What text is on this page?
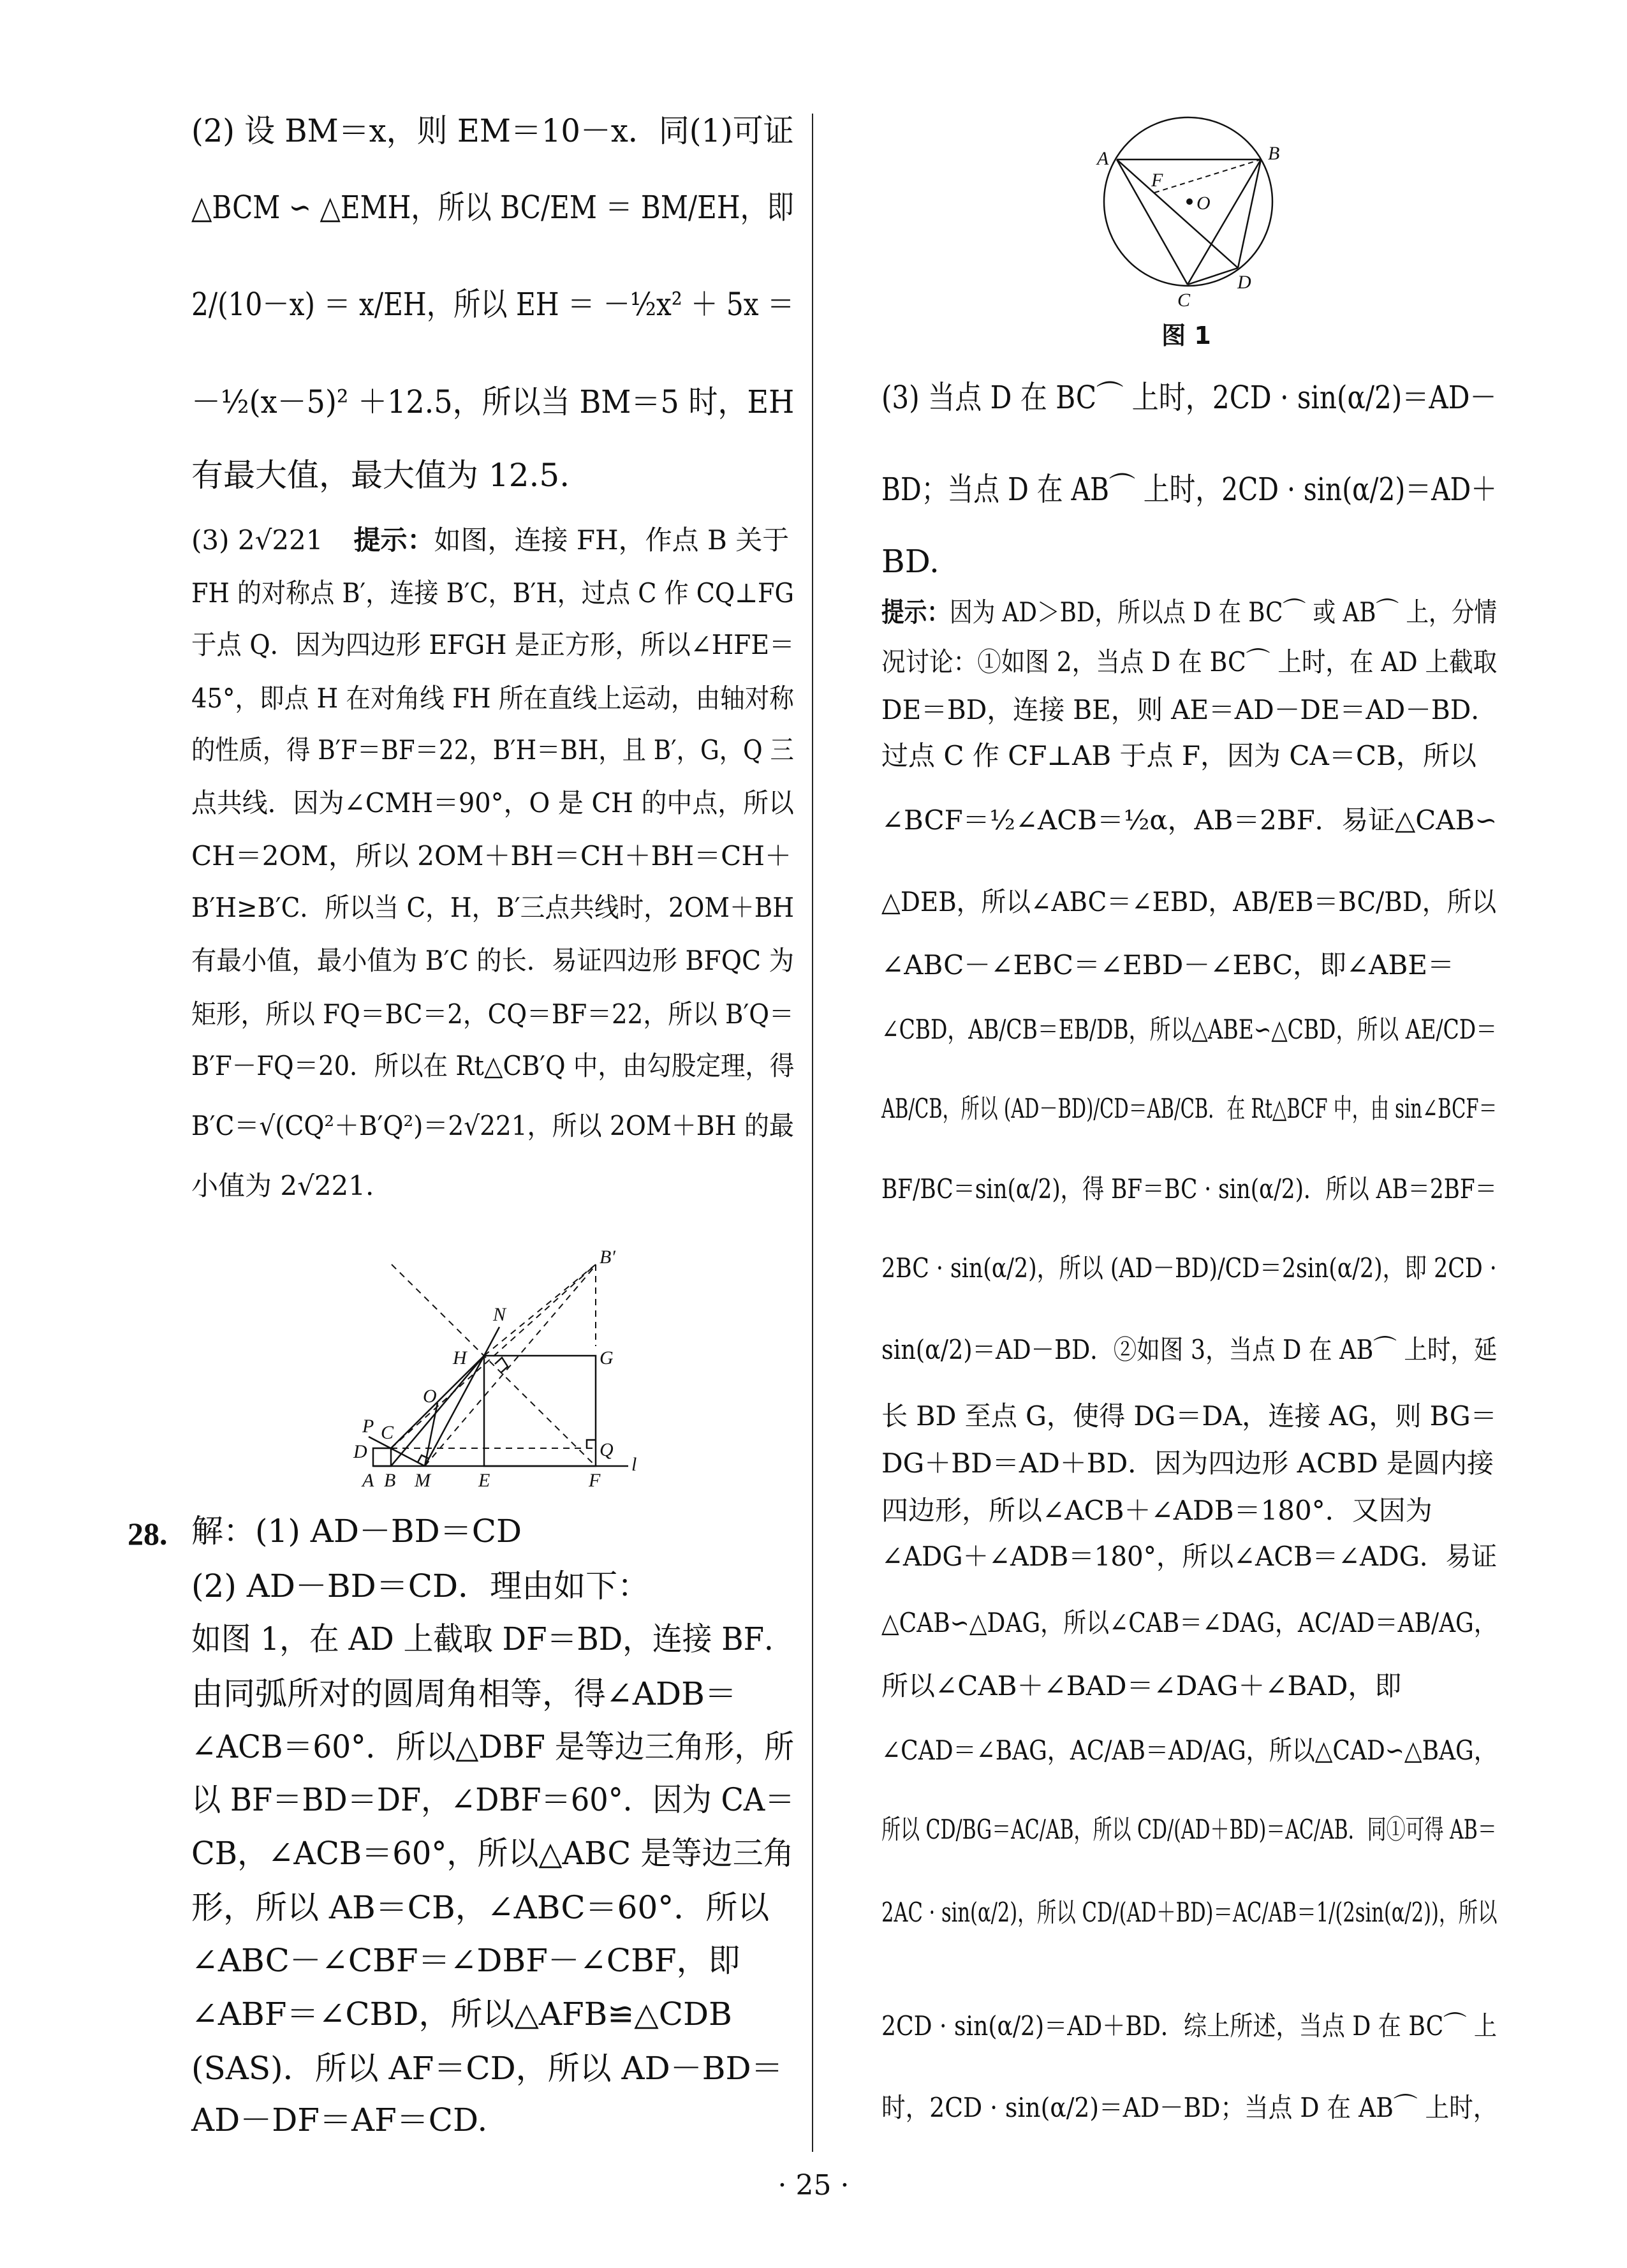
(2) 设 BM＝x，则 EM＝10－x．同(1)可证
△BCM ∽ △EMH，所以 BC/EM ＝ BM/EH，即
2/(10－x) ＝ x/EH，所以 EH ＝ －½x² ＋ 5x ＝
－½(x－5)² ＋12.5，所以当 BM＝5 时，EH
有最大值，最大值为 12.5.
(3) 2√221 提示：如图，连接 FH，作点 B 关于
FH 的对称点 B′，连接 B′C，B′H，过点 C 作 CQ⊥FG
于点 Q．因为四边形 EFGH 是正方形，所以∠HFE＝
45°，即点 H 在对角线 FH 所在直线上运动，由轴对称
的性质，得 B′F＝BF＝22，B′H＝BH，且 B′，G，Q 三
点共线．因为∠CMH＝90°，O 是 CH 的中点，所以
CH＝2OM，所以 2OM＋BH＝CH＋BH＝CH＋
B′H≥B′C．所以当 C，H，B′三点共线时，2OM＋BH
有最小值，最小值为 B′C 的长．易证四边形 BFQC 为
矩形，所以 FQ＝BC＝2，CQ＝BF＝22，所以 B′Q＝
B′F－FQ＝20．所以在 Rt△CB′Q 中，由勾股定理，得
B′C＝√(CQ²＋B′Q²)＝2√221，所以 2OM＋BH 的最
小值为 2√221.
B′
N
H	G
O
P C
D	Q
A B M	E	F
l
28. 解：(1) AD－BD＝CD
(2) AD－BD＝CD．理由如下：
如图 1，在 AD 上截取 DF＝BD，连接 BF．
由同弧所对的圆周角相等，得∠ADB＝
∠ACB＝60°．所以△DBF 是等边三角形，所
以 BF＝BD＝DF，∠DBF＝60°．因为 CA＝
CB，∠ACB＝60°，所以△ABC 是等边三角
形，所以 AB＝CB，∠ABC＝60°．所以
∠ABC－∠CBF＝∠DBF－∠CBF，即
∠ABF＝∠CBD，所以△AFB≌△CDB
(SAS)．所以 AF＝CD，所以 AD－BD＝
AD－DF＝AF＝CD.
A	B
F
O
C
D
图 1
(3) 当点 D 在 BC⌒ 上时，2CD · sin(α/2)＝AD－
BD；当点 D 在 AB⌒ 上时，2CD · sin(α/2)＝AD＋
BD.
提示：因为 AD＞BD，所以点 D 在 BC⌒ 或 AB⌒ 上，分情
况讨论：①如图 2，当点 D 在 BC⌒ 上时，在 AD 上截取
DE＝BD，连接 BE，则 AE＝AD－DE＝AD－BD．
过点 C 作 CF⊥AB 于点 F，因为 CA＝CB，所以
∠BCF＝½∠ACB＝½α，AB＝2BF．易证△CAB∽
△DEB，所以∠ABC＝∠EBD，AB/EB＝BC/BD，所以
∠ABC－∠EBC＝∠EBD－∠EBC，即∠ABE＝
∠CBD，AB/CB＝EB/DB，所以△ABE∽△CBD，所以 AE/CD＝
AB/CB，所以 (AD－BD)/CD＝AB/CB．在 Rt△BCF 中，由 sin∠BCF＝
BF/BC＝sin(α/2)，得 BF＝BC · sin(α/2)．所以 AB＝2BF＝
2BC · sin(α/2)，所以 (AD－BD)/CD＝2sin(α/2)，即 2CD ·
sin(α/2)＝AD－BD．②如图 3，当点 D 在 AB⌒ 上时，延
长 BD 至点 G，使得 DG＝DA，连接 AG，则 BG＝
DG＋BD＝AD＋BD．因为四边形 ACBD 是圆内接
四边形，所以∠ACB＋∠ADB＝180°．又因为
∠ADG＋∠ADB＝180°，所以∠ACB＝∠ADG．易证
△CAB∽△DAG，所以∠CAB＝∠DAG，AC/AD＝AB/AG，
所以∠CAB＋∠BAD＝∠DAG＋∠BAD，即
∠CAD＝∠BAG，AC/AB＝AD/AG，所以△CAD∽△BAG，
所以 CD/BG＝AC/AB，所以 CD/(AD＋BD)＝AC/AB．同①可得 AB＝
2AC · sin(α/2)，所以 CD/(AD＋BD)＝AC/AB＝1/(2sin(α/2))，所以
2CD · sin(α/2)＝AD＋BD．综上所述，当点 D 在 BC⌒ 上
时，2CD · sin(α/2)＝AD－BD；当点 D 在 AB⌒ 上时，
· 25 ·
